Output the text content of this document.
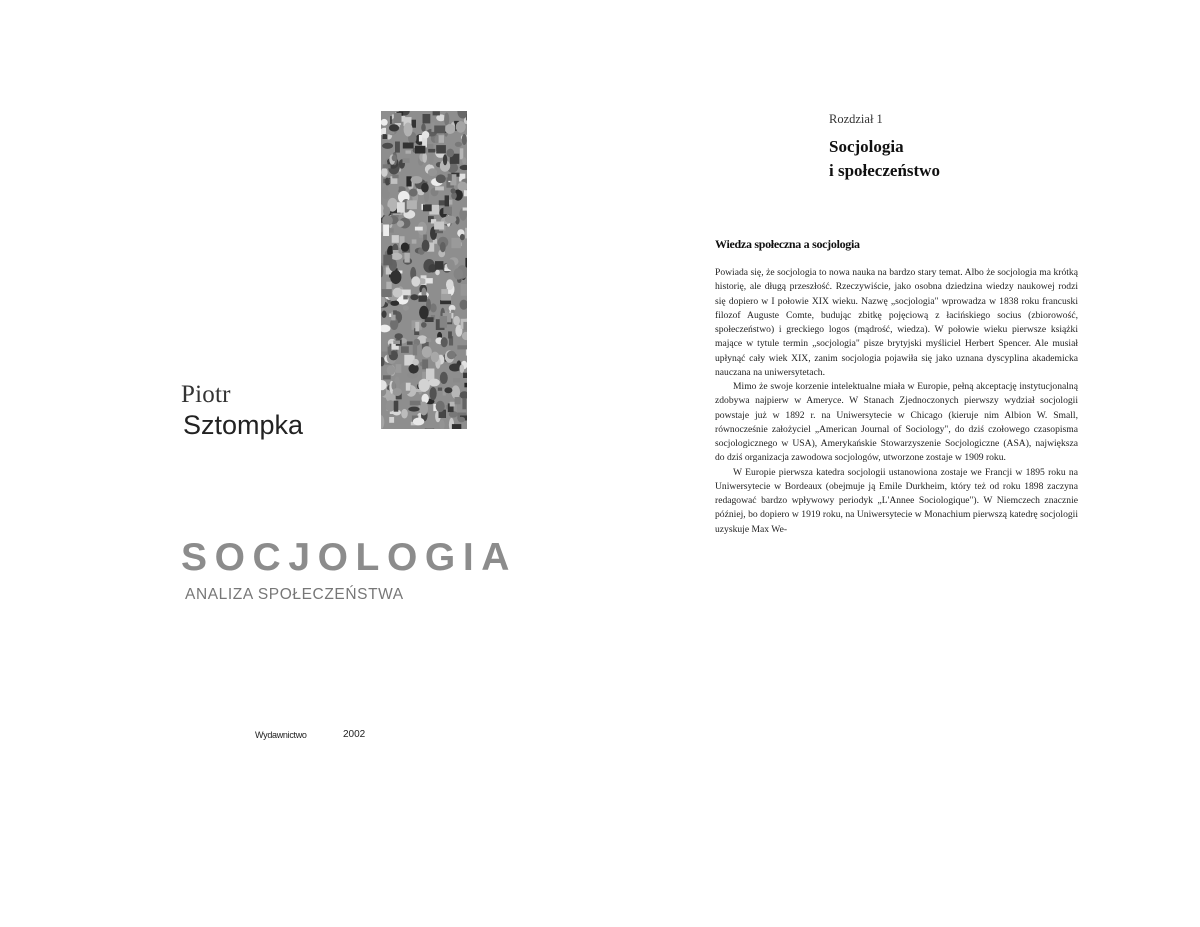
Piotr
Sztompka
SOCJOLOGIA
ANALIZA SPOŁECZEŃSTWA
Wydawnictwo	2002
Rozdział 1
Socjologia
i społeczeństwo
Wiedza społeczna a socjologia

Powiada się, że socjologia to nowa nauka na bardzo stary temat. Albo że socjologia ma krótką historię, ale długą przeszłość. Rzeczywiście, jako osobna dziedzina wiedzy naukowej rodzi się dopiero w I połowie XIX wieku. Nazwę „socjologia" wprowadza w 1838 roku francuski filozof Auguste Comte, budując zbitkę pojęciową z łacińskiego socius (zbiorowość, społeczeństwo) i greckiego logos (mądrość, wiedza). W połowie wieku pierwsze książki mające w tytule termin „socjologia" pisze brytyjski myśliciel Herbert Spencer. Ale musiał upłynąć cały wiek XIX, zanim socjologia pojawiła się jako uznana dyscyplina akademicka nauczana na uniwersytetach.

Mimo że swoje korzenie intelektualne miała w Europie, pełną akceptację instytucjonalną zdobywa najpierw w Ameryce. W Stanach Zjednoczonych pierwszy wydział socjologii powstaje już w 1892 r. na Uniwersytecie w Chicago (kieruje nim Albion W. Small, równocześnie założyciel „American Journal of Sociology", do dziś czołowego czasopisma socjologicznego w USA), Amerykańskie Stowarzyszenie Socjologiczne (ASA), największa do dziś organizacja zawodowa socjologów, utworzone zostaje w 1909 roku.

W Europie pierwsza katedra socjologii ustanowiona zostaje we Francji w 1895 roku na Uniwersytecie w Bordeaux (obejmuje ją Emile Durkheim, który też od roku 1898 zaczyna redagować bardzo wpływowy periodyk „L'Annee Sociologique"). W Niemczech znacznie później, bo dopiero w 1919 roku, na Uniwersytecie w Monachium pierwszą katedrę socjologii uzyskuje Max We-
